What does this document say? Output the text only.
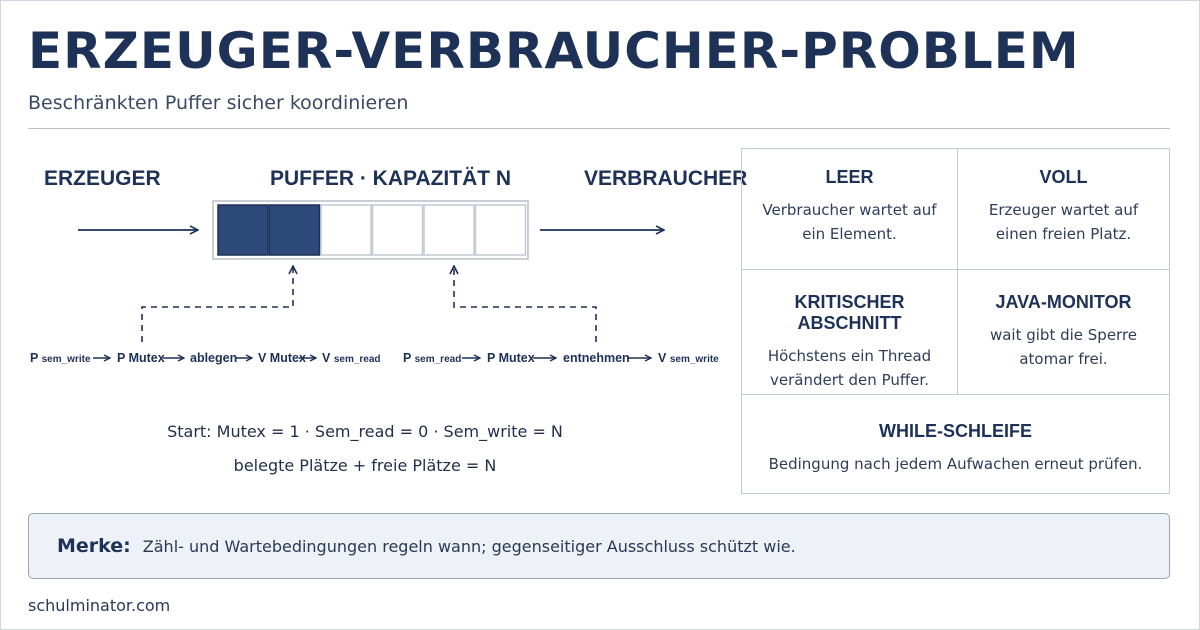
ERZEUGER-VERBRAUCHER-PROBLEM
Beschränkten Puffer sicher koordinieren
ERZEUGER	PUFFER · KAPAZITÄT N	VERBRAUCHER
P sem_write P Mutex ablegen V Mutex V sem_read P sem_read P Mutex entnehmen V sem_write
Start: Mutex = 1 · Sem_read = 0 · Sem_write = N
belegte Plätze + freie Plätze = N
LEER
Verbraucher wartet auf
ein Element.
VOLL
Erzeuger wartet auf
einen freien Platz.
KRITISCHER ABSCHNITT
Höchstens ein Thread
verändert den Puffer.
JAVA-MONITOR
wait gibt die Sperre
atomar frei.
WHILE-SCHLEIFE
Bedingung nach jedem Aufwachen erneut prüfen.
Merke: Zähl- und Wartebedingungen regeln wann; gegenseitiger Ausschluss schützt wie.
schulminator.com
